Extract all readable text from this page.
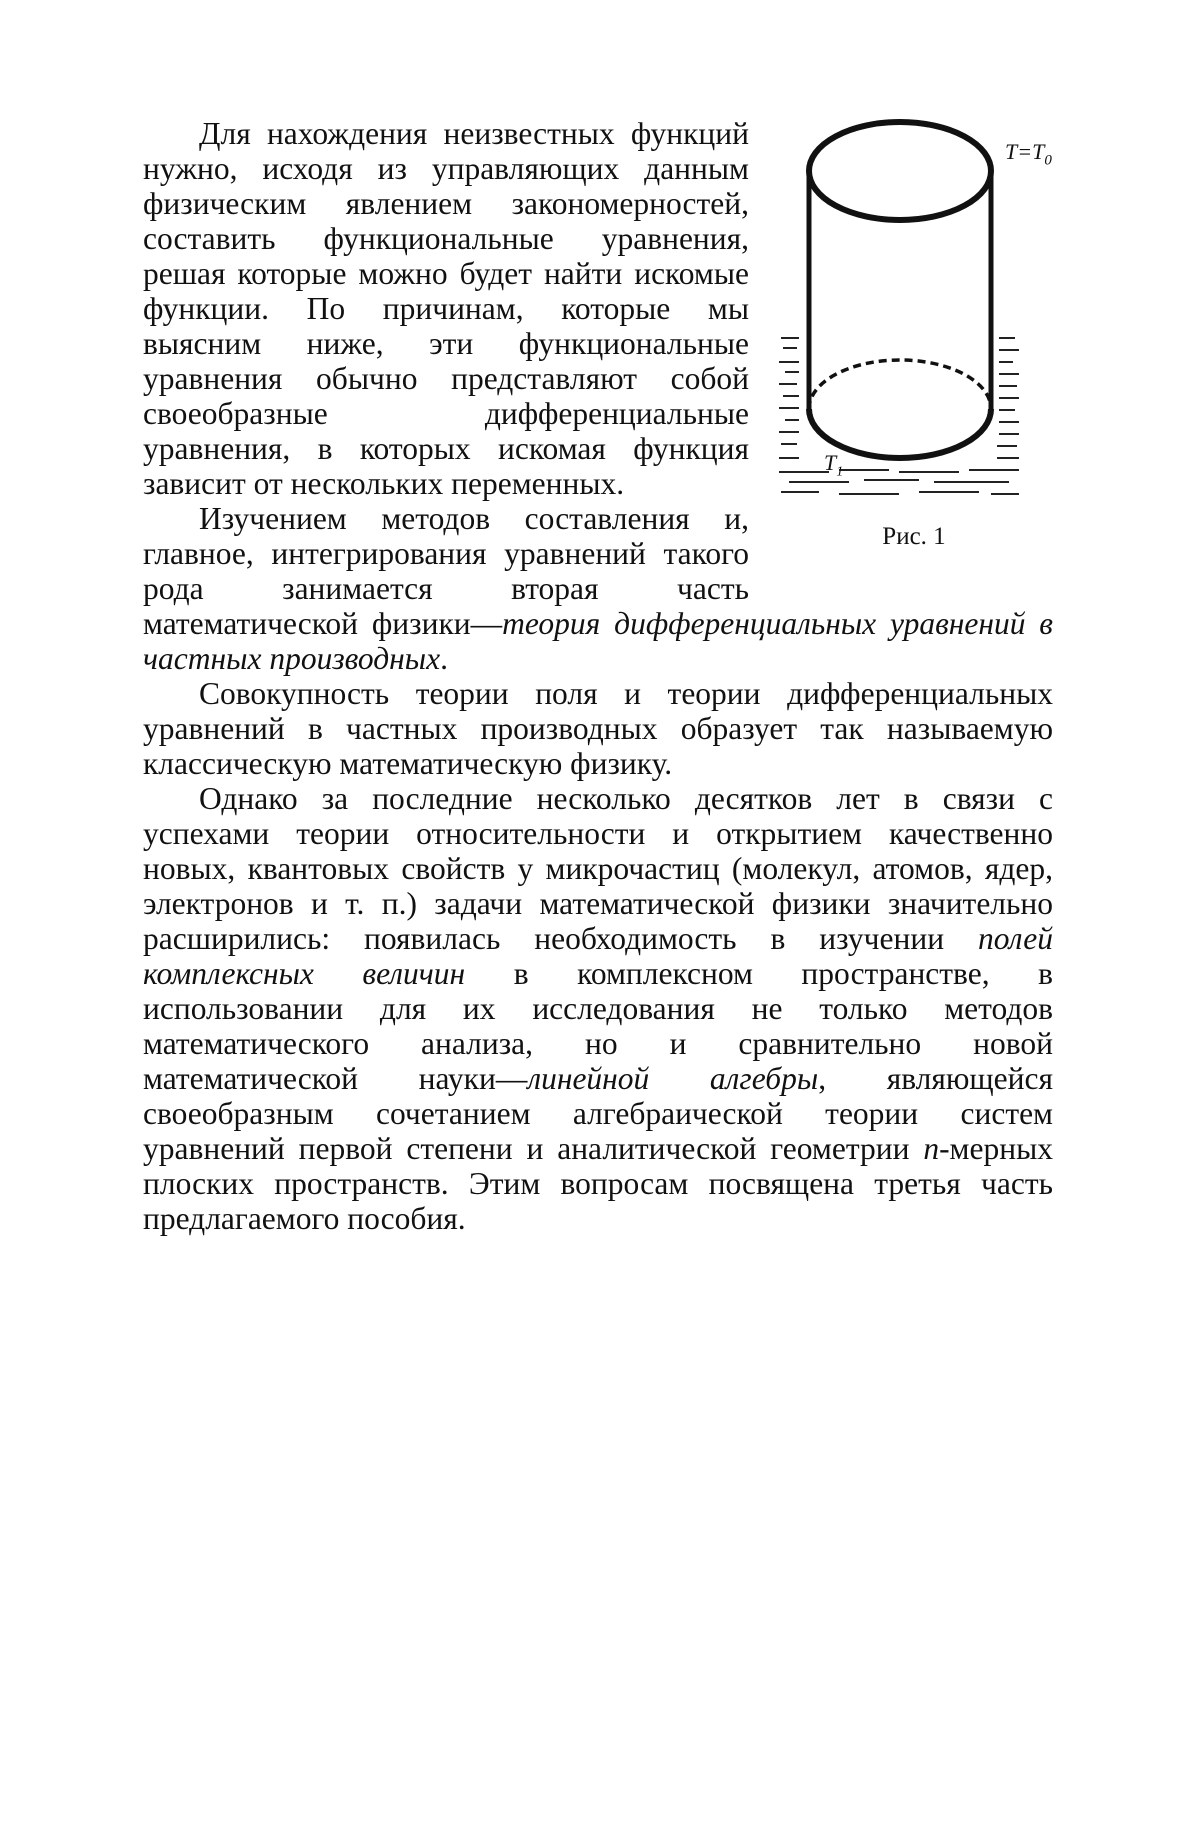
$T=T_0$
$T_1$
Рис. 1

Для нахождения неизвестных функций нужно, исходя из управляющих данным физическим явлением закономерностей, составить функциональные уравнения, решая которые можно будет найти искомые функции. По причинам, которые мы выясним ниже, эти функциональные уравнения обычно представляют собой своеобразные дифференциальные уравнения, в которых искомая функция зависит от нескольких переменных.

Изучением методов составления и, главное, интегрирования уравнений такого рода занимается вторая часть математической физики—теория дифференциальных уравнений в частных производных.

Совокупность теории поля и теории дифференциальных уравнений в частных производных образует так называемую классическую математическую физику.

Однако за последние несколько десятков лет в связи с успехами теории относительности и открытием качественно новых, квантовых свойств у микрочастиц (молекул, атомов, ядер, электронов и т. п.) задачи математической физики значительно расширились: появилась необходимость в изучении полей комплексных величин в комплексном пространстве, в использовании для их исследования не только методов математического анализа, но и сравнительно новой математической науки—линейной алгебры, являющейся своеобразным сочетанием алгебраической теории систем уравнений первой степени и аналитической геометрии n-мерных плоских пространств. Этим вопросам посвящена третья часть предлагаемого пособия.
